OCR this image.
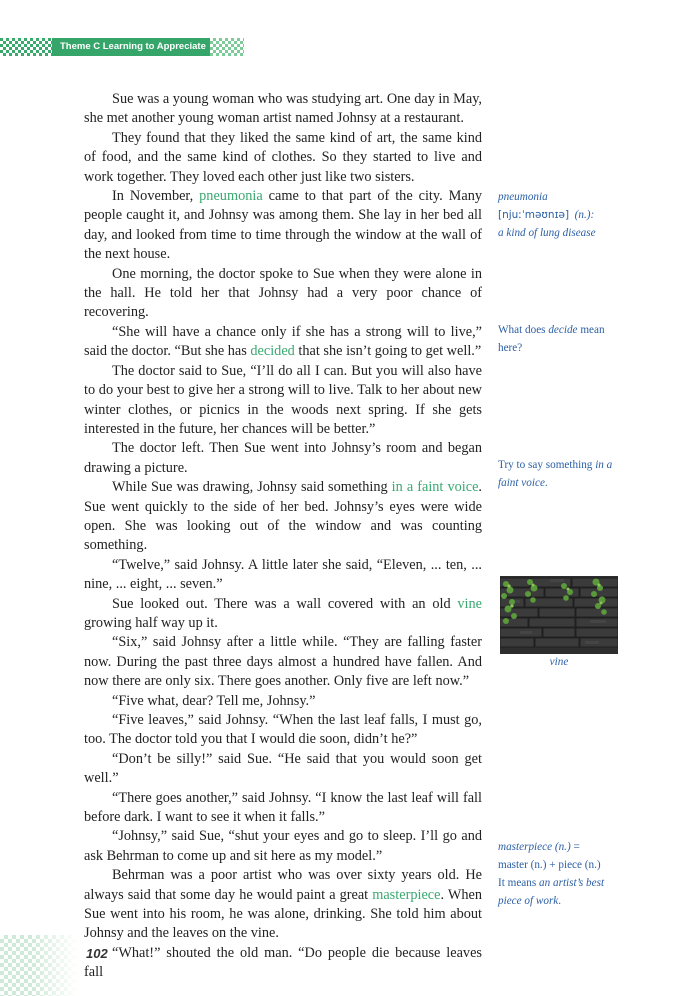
Theme C Learning to Appreciate

Sue was a young woman who was studying art. One day in May, she met another young woman artist named Johnsy at a restaurant.

They found that they liked the same kind of art, the same kind of food, and the same kind of clothes. So they started to live and work together. They loved each other just like two sisters.

In November, pneumonia came to that part of the city. Many people caught it, and Johnsy was among them. She lay in her bed all day, and looked from time to time through the window at the wall of the next house.

One morning, the doctor spoke to Sue when they were alone in the hall. He told her that Johnsy had a very poor chance of recovering.

“She will have a chance only if she has a strong will to live,” said the doctor. “But she has decided that she isn’t going to get well.”

The doctor said to Sue, “I’ll do all I can. But you will also have to do your best to give her a strong will to live. Talk to her about new winter clothes, or picnics in the woods next spring. If she gets interested in the future, her chances will be better.”

The doctor left. Then Sue went into Johnsy’s room and began drawing a picture.

While Sue was drawing, Johnsy said something in a faint voice. Sue went quickly to the side of her bed. Johnsy’s eyes were wide open. She was looking out of the window and was counting something.

“Twelve,” said Johnsy. A little later she said, “Eleven, ... ten, ... nine, ... eight, ... seven.”

Sue looked out. There was a wall covered with an old vine growing half way up it.

“Six,” said Johnsy after a little while. “They are falling faster now. During the past three days almost a hundred have fallen. And now there are only six. There goes another. Only five are left now.”

“Five what, dear? Tell me, Johnsy.”

“Five leaves,” said Johnsy. “When the last leaf falls, I must go, too. The doctor told you that I would die soon, didn’t he?”

“Don’t be silly!” said Sue. “He said that you would soon get well.”

“There goes another,” said Johnsy. “I know the last leaf will fall before dark. I want to see it when it falls.”

“Johnsy,” said Sue, “shut your eyes and go to sleep. I’ll go and ask Behrman to come up and sit here as my model.”

Behrman was a poor artist who was over sixty years old. He always said that some day he would paint a great masterpiece. When Sue went into his room, he was alone, drinking. She told him about Johnsy and the leaves on the vine.

“What!” shouted the old man. “Do people die because leaves fall

pneumonia
[njuːˈməʊnɪə] (n.):
a kind of lung disease
What does decide mean here?
Try to say something in a faint voice.
vine
masterpiece (n.) =
master (n.) + piece (n.)
It means an artist’s best piece of work.
102
